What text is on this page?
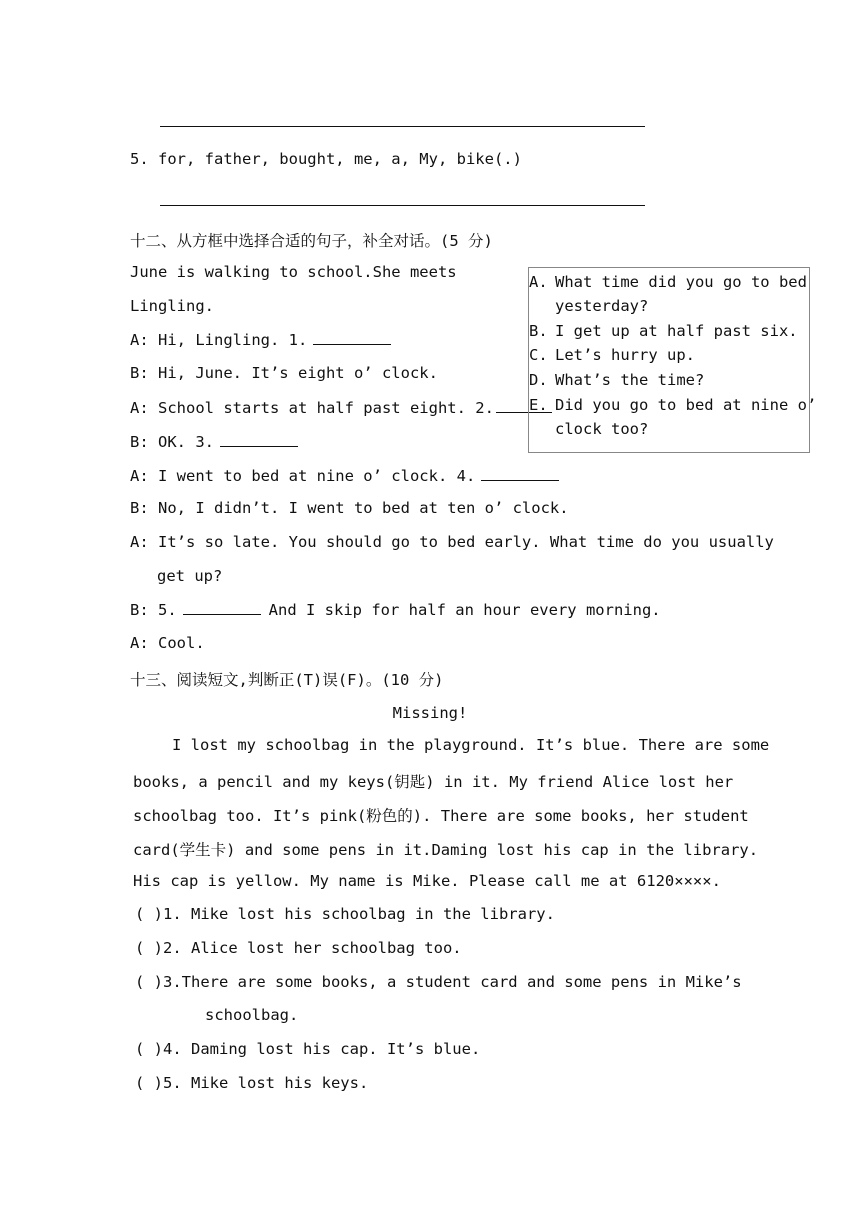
5. for, father, bought, me, a, My, bike(.)
十二、从方框中选择合适的句子，补全对话。(5 分)
June is walking to school.She meets
Lingling.
A: Hi, Lingling. 1.
B: Hi, June. It’s eight o’ clock.
A: School starts at half past eight. 2.
B: OK. 3.
A: I went to bed at nine o’ clock. 4.
B: No, I didn’t. I went to bed at ten o’ clock.
A: It’s so late. You should go to bed early. What time do you usually
get up?
B: 5.	And I skip for half an hour every morning.
A: Cool.
A. What time did you go to bed
yesterday?
B. I get up at half past six.
C. Let’s hurry up.
D. What’s the time?
E. Did you go to bed at nine o’
clock too?
十三、阅读短文,判断正(T)误(F)。(10 分)
Missing!
I lost my schoolbag in the playground. It’s blue. There are some
books, a pencil and my keys(钥匙) in it. My friend Alice lost her
schoolbag too. It’s pink(粉色的). There are some books, her student
card(学生卡) and some pens in it.Daming lost his cap in the library.
His cap is yellow. My name is Mike. Please call me at 6120××××.
( )1. Mike lost his schoolbag in the library.
( )2. Alice lost her schoolbag too.
( )3.There are some books, a student card and some pens in Mike’s
schoolbag.
( )4. Daming lost his cap. It’s blue.
( )5. Mike lost his keys.
